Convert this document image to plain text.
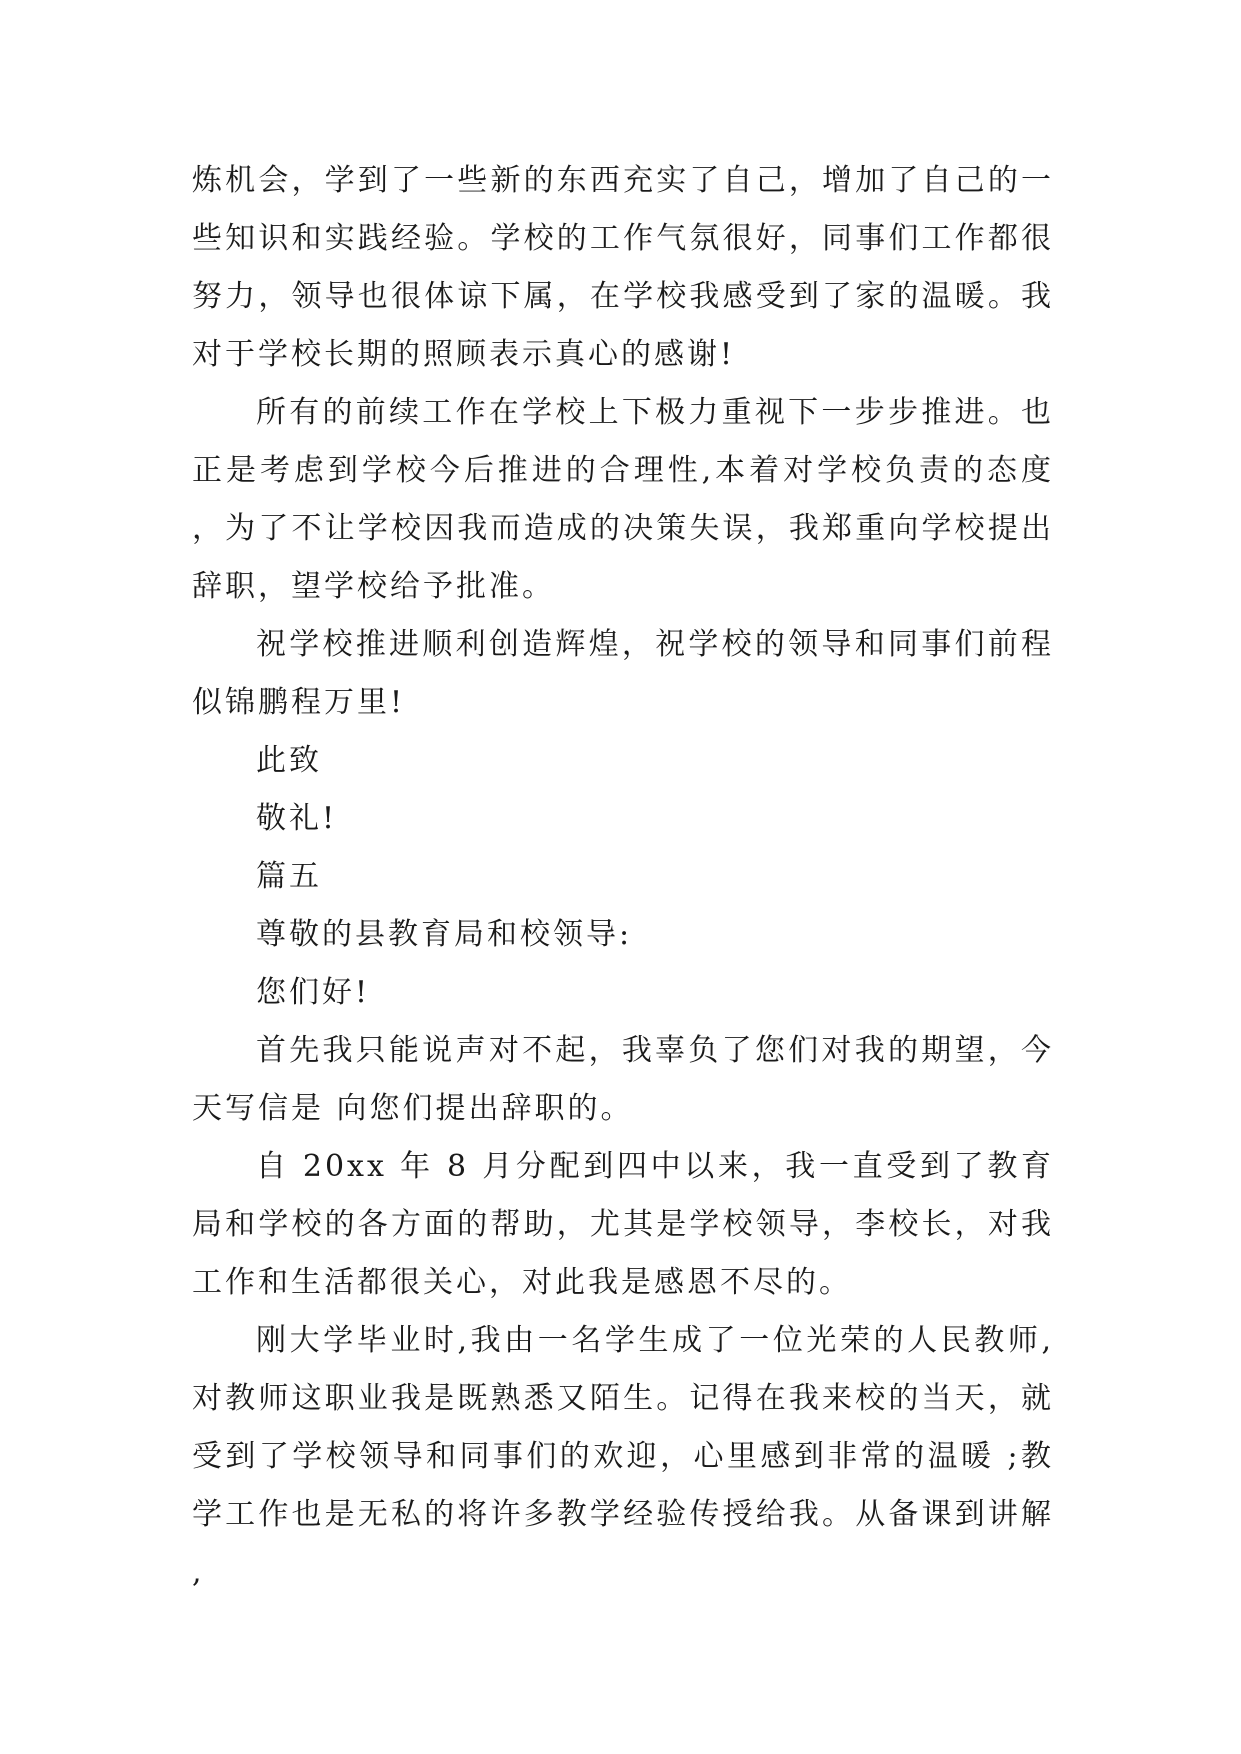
炼机会，学到了一些新的东西充实了自己，增加了自己的一些知识和实践经验。学校的工作气氛很好，同事们工作都很努力，领导也很体谅下属，在学校我感受到了家的温暖。我对于学校长期的照顾表示真心的感谢!

所有的前续工作在学校上下极力重视下一步步推进。也正是考虑到学校今后推进的合理性,本着对学校负责的态度，为了不让学校因我而造成的决策失误，我郑重向学校提出辞职，望学校给予批准。

祝学校推进顺利创造辉煌，祝学校的领导和同事们前程似锦鹏程万里!

此致

敬礼!

篇五

尊敬的县教育局和校领导:

您们好!

首先我只能说声对不起，我辜负了您们对我的期望，今天写信是 向您们提出辞职的。

自 20xx 年 8 月分配到四中以来，我一直受到了教育局和学校的各方面的帮助，尤其是学校领导，李校长，对我工作和生活都很关心，对此我是感恩不尽的。

刚大学毕业时,我由一名学生成了一位光荣的人民教师,对教师这职业我是既熟悉又陌生。记得在我来校的当天，就受到了学校领导和同事们的欢迎，心里感到非常的温暖 ;教学工作也是无私的将许多教学经验传授给我。从备课到讲解,
